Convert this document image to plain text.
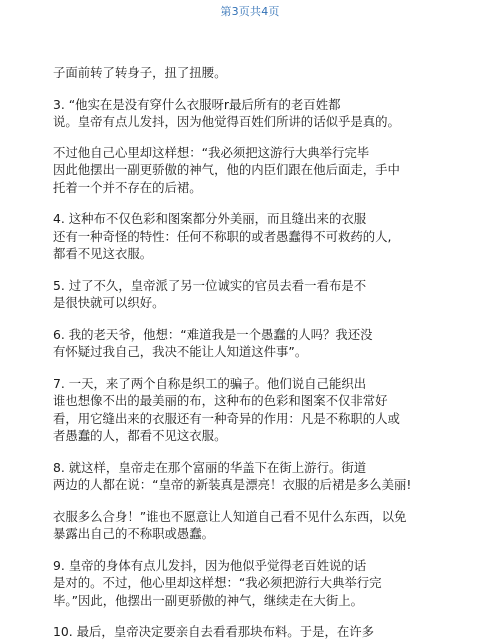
第3页共4页

子面前转了转身子，扭了扭腰。

3. “他实在是没有穿什么衣服呀r最后所有的老百姓都
说。皇帝有点儿发抖，因为他觉得百姓们所讲的话似乎是真的。

不过他自己心里却这样想：“我必须把这游行大典举行完毕
因此他摆出一副更骄傲的神气，他的内臣们跟在他后面走，手中
托着一个并不存在的后裙。

4. 这种布不仅色彩和图案都分外美丽，而且缝出来的衣服
还有一种奇怪的特性：任何不称职的或者愚蠢得不可救药的人,
都看不见这衣服。

5. 过了不久，皇帝派了另一位诚实的官员去看一看布是不
是很快就可以织好。

6. 我的老天爷，他想：“难道我是一个愚蠢的人吗？我还没
有怀疑过我自己，我决不能让人知道这件事”。

7. 一天，来了两个自称是织工的骗子。他们说自己能织出
谁也想像不出的最美丽的布，这种布的色彩和图案不仅非常好
看，用它缝出来的衣服还有一种奇异的作用：凡是不称职的人或
者愚蠢的人，都看不见这衣服。

8. 就这样，皇帝走在那个富丽的华盖下在街上游行。街道
两边的人都在说：“皇帝的新装真是漂亮！衣服的后裙是多么美丽!

衣服多么合身！”谁也不愿意让人知道自己看不见什么东西，以免
暴露出自己的不称职或愚蠢。

9. 皇帝的身体有点儿发抖，因为他似乎觉得老百姓说的话
是对的。不过，他心里却这样想：“我必须把游行大典举行完
毕。”因此，他摆出一副更骄傲的神气，继续走在大街上。

10. 最后，皇帝决定要亲自去看看那块布料。于是，在许多
